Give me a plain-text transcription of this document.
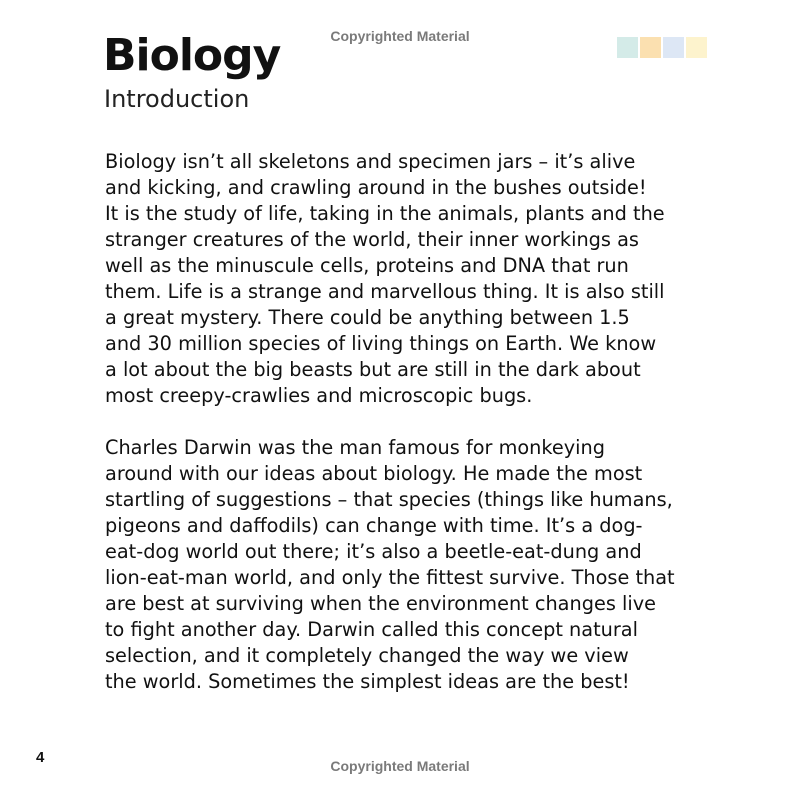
Copyrighted Material
Biology
Introduction
Biology isn’t all skeletons and specimen jars – it’s alive
and kicking, and crawling around in the bushes outside!
It is the study of life, taking in the animals, plants and the
stranger creatures of the world, their inner workings as
well as the minuscule cells, proteins and DNA that run
them. Life is a strange and marvellous thing. It is also still
a great mystery. There could be anything between 1.5
and 30 million species of living things on Earth. We know
a lot about the big beasts but are still in the dark about
most creepy-crawlies and microscopic bugs.
Charles Darwin was the man famous for monkeying
around with our ideas about biology. He made the most
startling of suggestions – that species (things like humans,
pigeons and daffodils) can change with time. It’s a dog-
eat-dog world out there; it’s also a beetle-eat-dung and
lion-eat-man world, and only the fittest survive. Those that
are best at surviving when the environment changes live
to fight another day. Darwin called this concept natural
selection, and it completely changed the way we view
the world. Sometimes the simplest ideas are the best!
4	Copyrighted Material
